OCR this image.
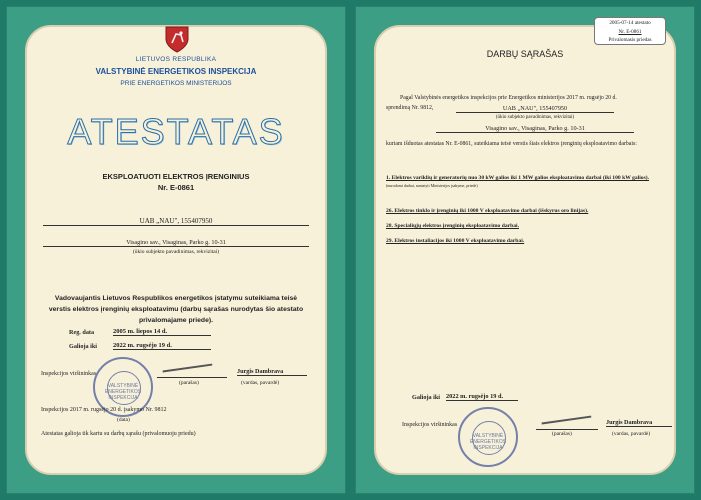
LIETUVOS RESPUBLIKA
VALSTYBINĖ ENERGETIKOS INSPEKCIJA
PRIE ENERGETIKOS MINISTERIJOS
ATESTATAS
EKSPLOATUOTI ELEKTROS ĮRENGINIUS
Nr. E-0861
UAB „NAU", 155407950
Visagino sav., Visaginas, Parko g. 10-31
(ūkio subjekto pavadinimas, rekvizitai)
Vadovaujantis Lietuvos Respublikos energetikos įstatymu suteikiama teisė verstis elektros įrenginių eksploatavimu (darbų sąrašas nurodytas šio atestato privalomajame priede).
Reg. data	2005 m. liepos 14 d.
Galioja iki 2022 m. rugsėjo 19 d.
Inspekcijos viršininkas
VALSTYBINĖ ENERGETIKOS INSPEKCIJA
(parašas)
Jurgis Dambrava
(vardas, pavardė)
Inspekcijos 2017 m. rugsėjo 20 d. įsakymo Nr. 9812
(data)
Atestatas galioja tik kartu su darbų sąrašu (privalomuoju priedu)
2005-07-14 atestato
Nr. E-0861
Privalomasis priedas
DARBŲ SĄRAŠAS
Pagal Valstybinės energetikos inspekcijos prie Energetikos ministerijos 2017 m. rugsėjo 20 d.
sprendimą Nr. 9812,	UAB „NAU", 155407950
(ūkio subjekto pavadinimas, rekvizitai)
Visagino sav., Visaginas, Parko g. 10-31
kuriam išduotas atestatas Nr. E-0861, suteikiama teisė verstis šiais elektros įrenginių eksploatavimo darbais:
1. Elektros variklių ir generatorių nuo 30 kW galios iki 1 MW galios eksploatavimo darbai (iki 100 kW galios).
(nurodomi darbai, nustatyti Ministerijos įsakyme, priede)
26. Elektros tinklo ir įrenginių iki 1000 V eksploatavimo darbai (išskyrus oro linijas).
28. Specialiųjų elektros įrenginių eksploatavimo darbai.
29. Elektros instaliacijos iki 1000 V eksploatavimo darbai.
Galioja iki 2022 m. rugsėjo 19 d.
Inspekcijos viršininkas
VALSTYBINĖ ENERGETIKOS INSPEKCIJA
(parašas)
Jurgis Dambrava
(vardas, pavardė)
